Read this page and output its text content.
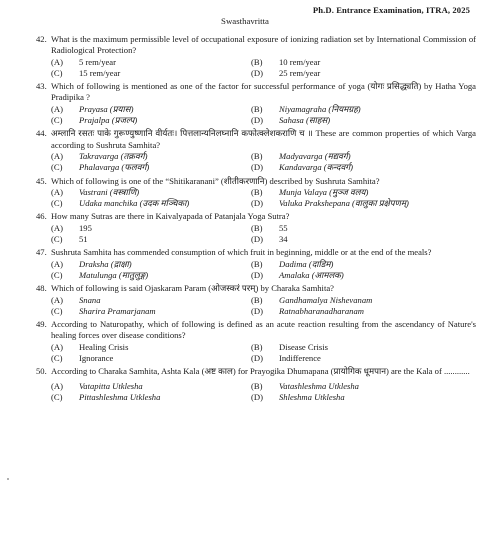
Ph.D. Entrance Examination, ITRA, 2025
Swasthavritta
42. What is the maximum permissible level of occupational exposure of ionizing radiation set by International Commission of Radiological Protection?
(A)	5 rem/year	(B)	10 rem/year
(C)	15 rem/year	(D)	25 rem/year
43. Which of following is mentioned as one of the factor for successful performance of yoga (योगः प्रसिद्ध्यति) by Hatha Yoga Pradipika ?
(A)	Prayasa (प्रयास)	(B)	Niyamagraha (नियमग्रह)
(C)	Prajalpa (प्रजल्प)	(D)	Sahasa (साहस)
44. अम्लानि रसतः पाके गुरूण्युष्णानि वीर्यतः। पित्तलान्यनिलघ्नानि कफोत्क्लेशकराणि च ॥ These are common properties of which Varga according to Sushruta Samhita?
(A)	Takravarga (तक्रवर्ग)	(B)	Madyavarga (मद्यवर्ग)
(C)	Phalavarga (फलवर्ग)	(D)	Kandavarga (कन्दवर्ग)
45. Which of following is one of the “Shitikaranani” (शीतीकरणानि) described by Sushruta Samhita?
(A)	Vastrani (वस्त्राणि)	(B)	Munja Valaya (मुञ्ज वलय)
(C)	Udaka manchika (उदक मञ्चिका)	(D)	Valuka Prakshepana (वालुका प्रक्षेपणम्)
46. How many Sutras are there in Kaivalyapada of Patanjala Yoga Sutra?
(A)	195	(B)	55
(C)	51	(D)	34
47. Sushruta Samhita has commended consumption of which fruit in beginning, middle or at the end of the meals?
(A)	Draksha (द्राक्षा)	(B)	Dadima (दाडिम)
(C)	Matulunga (मातुलुङ्ग)	(D)	Amalaka (आमलक)
48. Which of following is said Ojaskaram Param (ओजस्करं परम्) by Charaka Samhita?
(A)	Snana	(B)	Gandhamalya Nishevanam
(C)	Sharira Pramarjanam	(D)	Ratnabharanadharanam
49. According to Naturopathy, which of following is defined as an acute reaction resulting from the ascendancy of Nature's healing forces over disease conditions?
(A)	Healing Crisis	(B)	Disease Crisis
(C)	Ignorance	(D)	Indifference
50. According to Charaka Samhita, Ashta Kala (अष्ट काल) for Prayogika Dhumapana (प्रायोगिक धूमपान) are the Kala of ............
(A)	Vatapitta Utklesha	(B)	Vatashleshma Utklesha
(C)	Pittashleshma Utklesha	(D)	Shleshma Utklesha
